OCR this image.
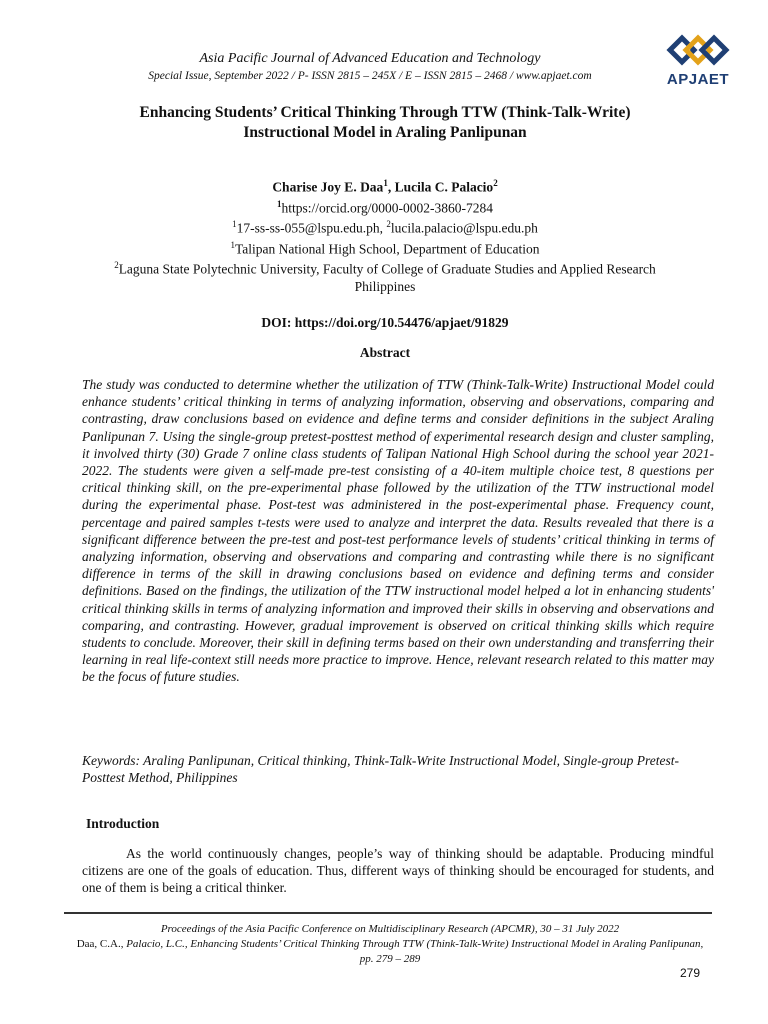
Asia Pacific Journal of Advanced Education and Technology
Special Issue, September 2022 / P- ISSN 2815 – 245X / E – ISSN 2815 – 2468 / www.apjaet.com	APJAET
Enhancing Students’ Critical Thinking Through TTW (Think-Talk-Write)
Instructional Model in Araling Panlipunan
Charise Joy E. Daa$^1$, Lucila C. Palacio$^2$
$^1$https://orcid.org/0000-0002-3860-7284
$^1$17-ss-ss-055@lspu.edu.ph, $^2$lucila.palacio@lspu.edu.ph
$^1$Talipan National High School, Department of Education
$^2$Laguna State Polytechnic University, Faculty of College of Graduate Studies and Applied Research
Philippines
DOI: https://doi.org/10.54476/apjaet/91829
Abstract

The study was conducted to determine whether the utilization of TTW (Think-Talk-Write) Instructional Model could enhance students’ critical thinking in terms of analyzing information, observing and observations, comparing and contrasting, draw conclusions based on evidence and define terms and consider definitions in the subject Araling Panlipunan 7. Using the single-group pretest-posttest method of experimental research design and cluster sampling, it involved thirty (30) Grade 7 online class students of Talipan National High School during the school year 2021-2022. The students were given a self-made pre-test consisting of a 40-item multiple choice test, 8 questions per critical thinking skill, on the pre-experimental phase followed by the utilization of the TTW instructional model during the experimental phase. Post-test was administered in the post-experimental phase. Frequency count, percentage and paired samples t-tests were used to analyze and interpret the data. Results revealed that there is a significant difference between the pre-test and post-test performance levels of students’ critical thinking in terms of analyzing information, observing and observations and comparing and contrasting while there is no significant difference in terms of the skill in drawing conclusions based on evidence and defining terms and consider definitions. Based on the findings, the utilization of the TTW instructional model helped a lot in enhancing students' critical thinking skills in terms of analyzing information and improved their skills in observing and observations and comparing, and contrasting. However, gradual improvement is observed on critical thinking skills which require students to conclude. Moreover, their skill in defining terms based on their own understanding and transferring their learning in real life-context still needs more practice to improve. Hence, relevant research related to this matter may be the focus of future studies.

Keywords: Araling Panlipunan, Critical thinking, Think-Talk-Write Instructional Model, Single-group Pretest-Posttest Method, Philippines

Introduction

As the world continuously changes, people’s way of thinking should be adaptable. Producing mindful citizens are one of the goals of education. Thus, different ways of thinking should be encouraged for students, and one of them is being a critical thinker.

Proceedings of the Asia Pacific Conference on Multidisciplinary Research (APCMR), 30 – 31 July 2022
Daa, C.A., Palacio, L.C., Enhancing Students’ Critical Thinking Through TTW (Think-Talk-Write) Instructional Model in Araling Panlipunan, pp. 279 – 289
279
